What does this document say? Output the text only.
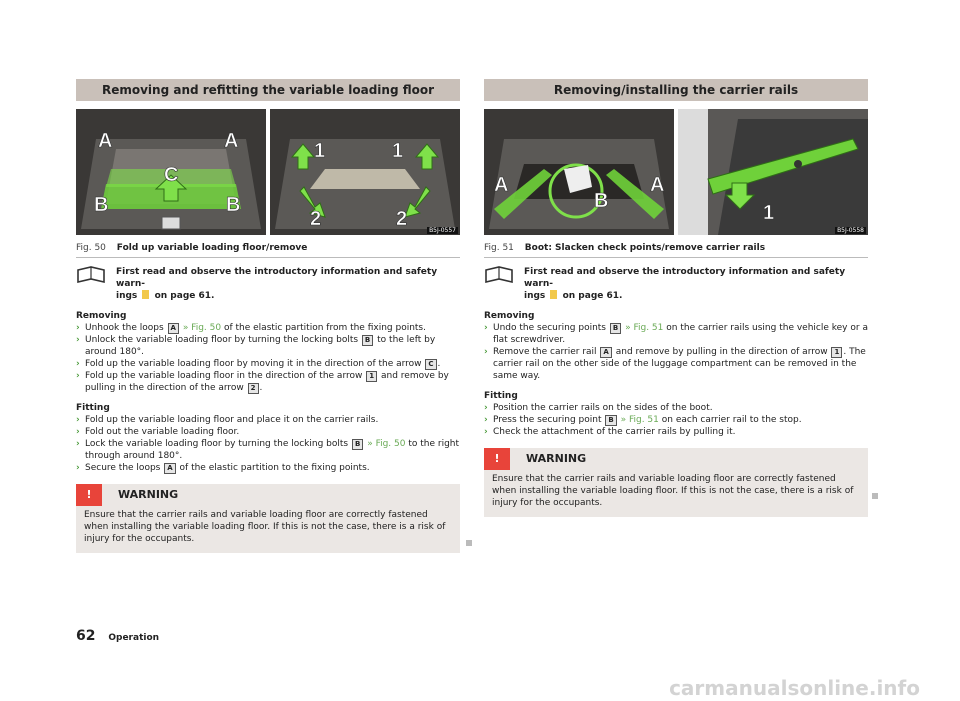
Removing and refitting the variable loading floor
A	A
C
B	B
1	1
2	2
B5J-0557
Fig. 50 Fold up variable loading floor/remove
First read and observe the introductory information and safety warn-
ings on page 61.
Removing
› Unhook the loops A » Fig. 50 of the elastic partition from the fixing points.
› Unlock the variable loading floor by turning the locking bolts B to the left by around 180°.
› Fold up the variable loading floor by moving it in the direction of the arrow C .
› Fold up the variable loading floor in the direction of the arrow 1 and remove by pulling in the direction of the arrow 2 .
Fitting
› Fold up the variable loading floor and place it on the carrier rails.
› Fold out the variable loading floor.
› Lock the variable loading floor by turning the locking bolts B » Fig. 50 to the right through around 180°.
› Secure the loops A of the elastic partition to the fixing points.
!	WARNING
Ensure that the carrier rails and variable loading floor are correctly fastened when installing the variable loading floor. If this is not the case, there is a risk of injury for the occupants.
Removing/installing the carrier rails
A
B
A
1
B5J-0558
Fig. 51 Boot: Slacken check points/remove carrier rails
First read and observe the introductory information and safety warn-
ings on page 61.
Removing
› Undo the securing points B » Fig. 51 on the carrier rails using the vehicle key or a flat screwdriver.
› Remove the carrier rail A and remove by pulling in the direction of arrow 1 . The carrier rail on the other side of the luggage compartment can be removed in the same way.
Fitting
› Position the carrier rails on the sides of the boot.
› Press the securing point B » Fig. 51 on each carrier rail to the stop.
› Check the attachment of the carrier rails by pulling it.
!	WARNING
Ensure that the carrier rails and variable loading floor are correctly fastened when installing the variable loading floor. If this is not the case, there is a risk of injury for the occupants.
62 Operation
carmanualsonline.info
